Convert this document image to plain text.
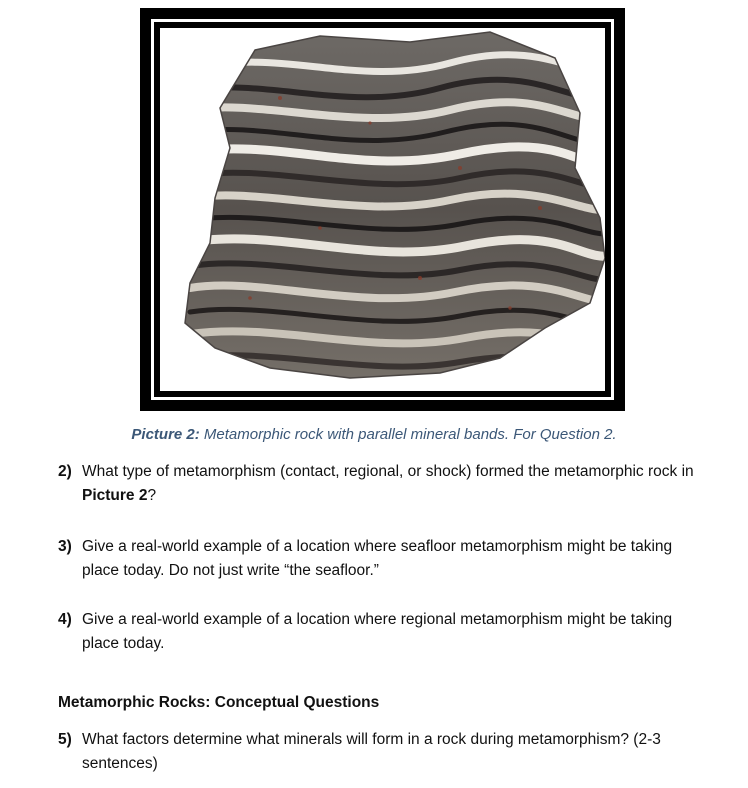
Picture 2: Metamorphic rock with parallel mineral bands. For Question 2.
2) What type of metamorphism (contact, regional, or shock) formed the metamorphic rock in Picture 2?
3) Give a real-world example of a location where seafloor metamorphism might be taking place today. Do not just write “the seafloor.”
4) Give a real-world example of a location where regional metamorphism might be taking place today.
Metamorphic Rocks: Conceptual Questions
5) What factors determine what minerals will form in a rock during metamorphism? (2-3 sentences)
